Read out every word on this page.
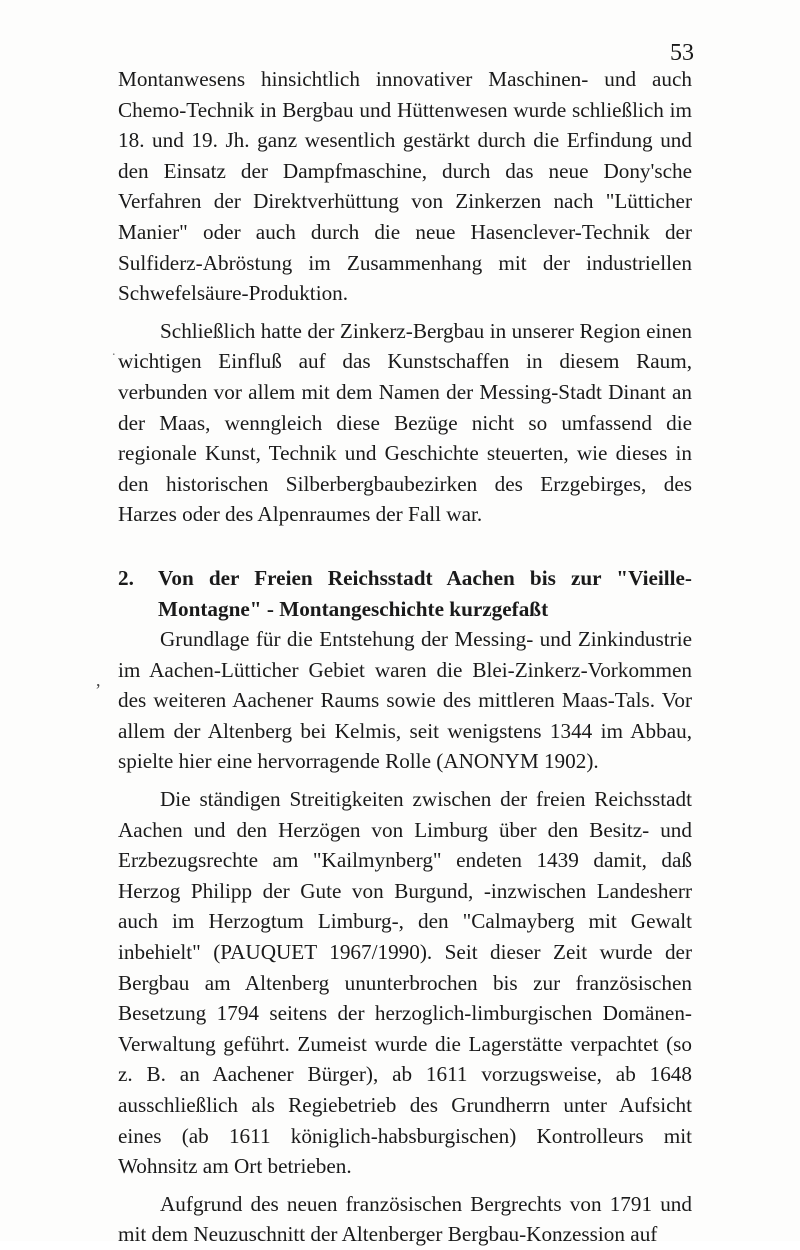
53
.
,

Montanwesens hinsichtlich innovativer Maschinen- und auch Chemo-Technik in Bergbau und Hüttenwesen wurde schließlich im 18. und 19. Jh. ganz wesentlich gestärkt durch die Erfindung und den Einsatz der Dampfmaschine, durch das neue Dony'sche Verfahren der Direktverhüttung von Zinkerzen nach "Lütticher Manier" oder auch durch die neue Hasenclever-Technik der Sulfiderz-Abröstung im Zusammenhang mit der industriellen Schwefelsäure-Produktion.

Schließlich hatte der Zinkerz-Bergbau in unserer Region einen wichtigen Einfluß auf das Kunstschaffen in diesem Raum, verbunden vor allem mit dem Namen der Messing-Stadt Dinant an der Maas, wenngleich diese Bezüge nicht so umfassend die regionale Kunst, Technik und Geschichte steuerten, wie dieses in den historischen Silberbergbaubezirken des Erzgebirges, des Harzes oder des Alpenraumes der Fall war.

2.	Von der Freien Reichsstadt Aachen bis zur "Vieille-Montagne" - Montangeschichte kurzgefaßt

Grundlage für die Entstehung der Messing- und Zinkindustrie im Aachen-Lütticher Gebiet waren die Blei-Zinkerz-Vorkommen des weiteren Aachener Raums sowie des mittleren Maas-Tals. Vor allem der Altenberg bei Kelmis, seit wenigstens 1344 im Abbau, spielte hier eine hervorragende Rolle (ANONYM 1902).

Die ständigen Streitigkeiten zwischen der freien Reichsstadt Aachen und den Herzögen von Limburg über den Besitz- und Erzbezugsrechte am "Kailmynberg" endeten 1439 damit, daß Herzog Philipp der Gute von Burgund, -inzwischen Landesherr auch im Herzogtum Limburg-, den "Calmayberg mit Gewalt inbehielt" (PAUQUET 1967/1990). Seit dieser Zeit wurde der Bergbau am Altenberg ununterbrochen bis zur französischen Besetzung 1794 seitens der herzoglich-limburgischen Domänen-Verwaltung geführt. Zumeist wurde die Lagerstätte verpachtet (so z. B. an Aachener Bürger), ab 1611 vorzugsweise, ab 1648 ausschließlich als Regiebetrieb des Grundherrn unter Aufsicht eines (ab 1611 königlich-habsburgischen) Kontrolleurs mit Wohnsitz am Ort betrieben.

Aufgrund des neuen französischen Bergrechts von 1791 und mit dem Neuzuschnitt der Altenberger Bergbau-Konzession auf
